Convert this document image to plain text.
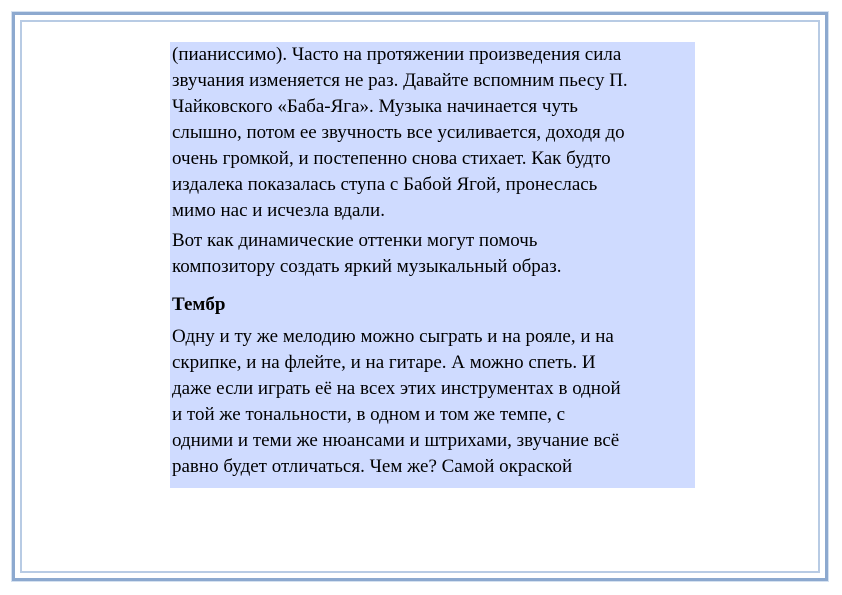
(пианиссимо). Часто на протяжении произведения сила
звучания изменяется не раз. Давайте вспомним пьесу П.
Чайковского «Баба-Яга». Музыка начинается чуть
слышно, потом ее звучность все усиливается, доходя до
очень громкой, и постепенно снова стихает. Как будто
издалека показалась ступа с Бабой Ягой, пронеслась
мимо нас и исчезла вдали.

Вот как динамические оттенки могут помочь
композитору создать яркий музыкальный образ.

Тембр

Одну и ту же мелодию можно сыграть и на рояле, и на
скрипке, и на флейте, и на гитаре. А можно спеть. И
даже если играть её на всех этих инструментах в одной
и той же тональности, в одном и том же темпе, с
одними и теми же нюансами и штрихами, звучание всё
равно будет отличаться. Чем же? Самой окраской
